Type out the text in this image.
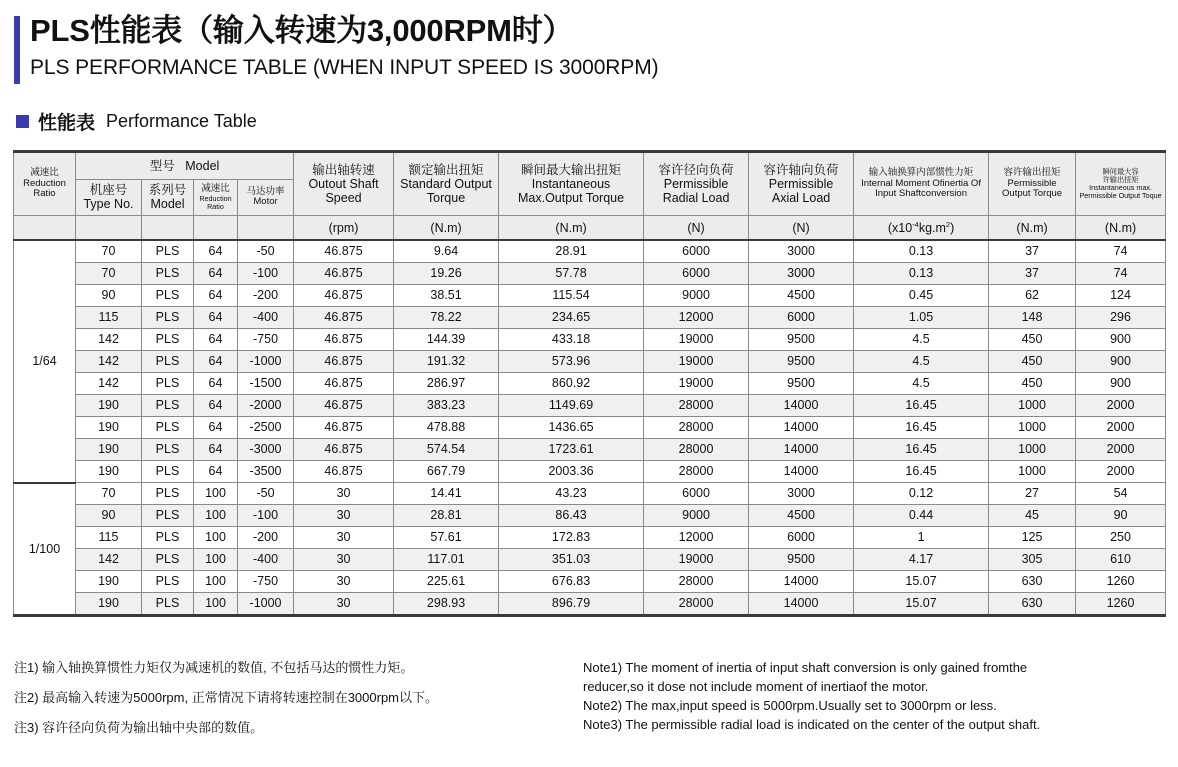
PLS性能表（输入转速为3,000RPM时）
PLS PERFORMANCE TABLE (WHEN INPUT SPEED IS 3000RPM)
性能表 Performance Table
减速比
Reduction
Ratio	型号 Model				输出轴转速
Outout Shaft
Speed	额定输出扭矩
Standard Output
Torque	瞬间最大输出扭矩
Instantaneous
Max.Output Torque	容许径向负荷
Permissible
Radial Load	容许轴向负荷
Permissible
Axial Load	输入轴换算内部惯性力矩
Internal Moment Ofinertia Of
Input Shaftconversion	容许输出扭矩
Permissible
Output Torque	瞬间最大容
许输出扭矩
Instantaneous max.
Permissible Output Toque

	机座号
Type No.	系列号
Model	减速比
Reduction
Ratio	马达功率
Motor								

					(rpm)	(N.m)	(N.m)	(N)	(N)	$(x10^{-4}kg.m^2)$	(N.m)	(N.m)
1/64	70	PLS	64	-50	46.875	9.64	28.91	6000	3000	0.13	37	74
	70	PLS	64	-100	46.875	19.26	57.78	6000	3000	0.13	37	74
	90	PLS	64	-200	46.875	38.51	115.54	9000	4500	0.45	62	124
	115	PLS	64	-400	46.875	78.22	234.65	12000	6000	1.05	148	296
	142	PLS	64	-750	46.875	144.39	433.18	19000	9500	4.5	450	900
	142	PLS	64	-1000	46.875	191.32	573.96	19000	9500	4.5	450	900
	142	PLS	64	-1500	46.875	286.97	860.92	19000	9500	4.5	450	900
	190	PLS	64	-2000	46.875	383.23	1149.69	28000	14000	16.45	1000	2000
	190	PLS	64	-2500	46.875	478.88	1436.65	28000	14000	16.45	1000	2000
	190	PLS	64	-3000	46.875	574.54	1723.61	28000	14000	16.45	1000	2000
	190	PLS	64	-3500	46.875	667.79	2003.36	28000	14000	16.45	1000	2000
1/100	70	PLS	100	-50	30	14.41	43.23	6000	3000	0.12	27	54
	90	PLS	100	-100	30	28.81	86.43	9000	4500	0.44	45	90
	115	PLS	100	-200	30	57.61	172.83	12000	6000	1	125	250
	142	PLS	100	-400	30	117.01	351.03	19000	9500	4.17	305	610
	190	PLS	100	-750	30	225.61	676.83	28000	14000	15.07	630	1260
	190	PLS	100	-1000	30	298.93	896.79	28000	14000	15.07	630	1260

注1) 输入轴换算惯性力矩仅为减速机的数值, 不包括马达的惯性力矩。

注2) 最高输入转速为5000rpm, 正常情况下请将转速控制在3000rpm以下。

注3) 容许径向负荷为输出轴中央部的数值。

Note1) The moment of inertia of input shaft conversion is only gained fromthe

reducer,so it dose not include moment of inertiaof the motor.

Note2) The max,input speed is 5000rpm.Usually set to 3000rpm or less.

Note3) The permissible radial load is indicated on the center of the output shaft.
